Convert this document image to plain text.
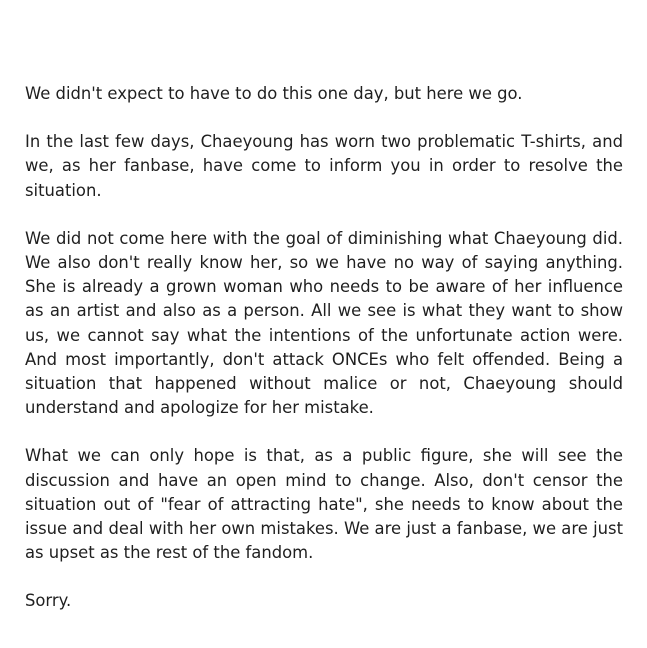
We didn't expect to have to do this one day, but here we go.

In the last few days, Chaeyoung has worn two problematic T-shirts, and we, as her fanbase, have come to inform you in order to resolve the situation.

We did not come here with the goal of diminishing what Chaeyoung did. We also don't really know her, so we have no way of saying anything. She is already a grown woman who needs to be aware of her influence as an artist and also as a person. All we see is what they want to show us, we cannot say what the intentions of the unfortunate action were. And most importantly, don't attack ONCEs who felt offended. Being a situation that happened without malice or not, Chaeyoung should understand and apologize for her mistake.

What we can only hope is that, as a public figure, she will see the discussion and have an open mind to change. Also, don't censor the situation out of "fear of attracting hate", she needs to know about the issue and deal with her own mistakes. We are just a fanbase, we are just as upset as the rest of the fandom.

Sorry.
